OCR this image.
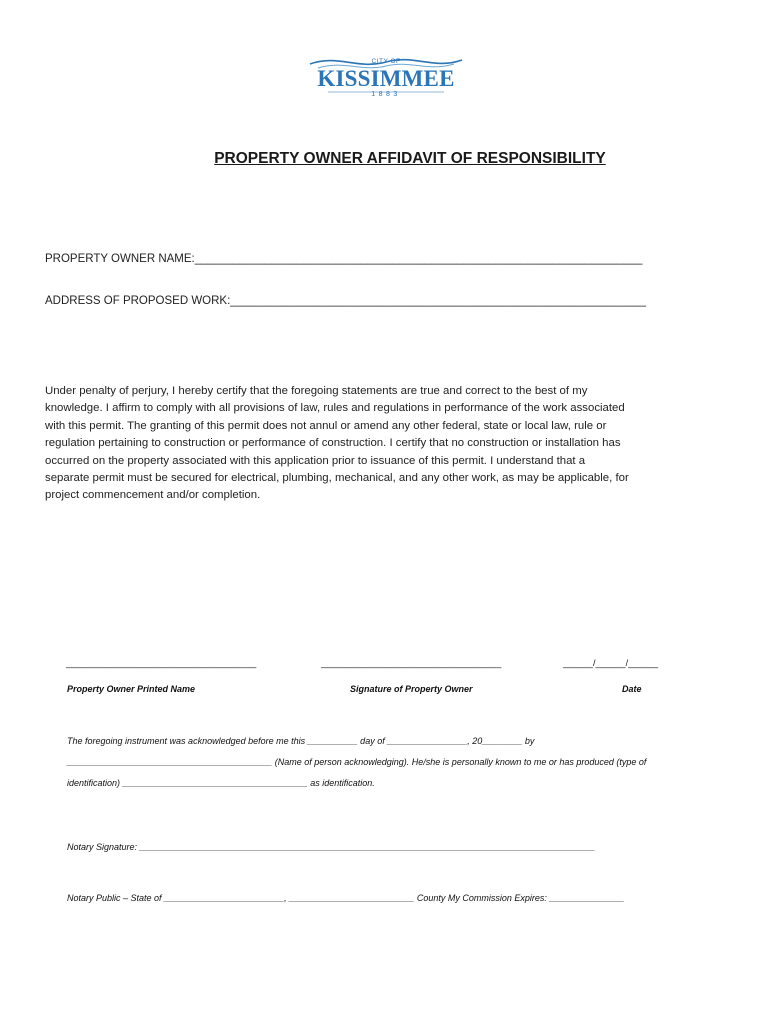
CITY OF
KISSIMMEE
1883
PROPERTY OWNER AFFIDAVIT OF RESPONSIBILITY
PROPERTY OWNER NAME:______________________________________________________________________
ADDRESS OF PROPOSED WORK:_________________________________________________________________
Under penalty of perjury, I hereby certify that the foregoing statements are true and correct to the best of my
knowledge. I affirm to comply with all provisions of law, rules and regulations in performance of the work associated
with this permit. The granting of this permit does not annul or amend any other federal, state or local law, rule or
regulation pertaining to construction or performance of construction. I certify that no construction or installation has
occurred on the property associated with this application prior to issuance of this permit. I understand that a
separate permit must be secured for electrical, plumbing, mechanical, and any other work, as may be applicable, for
project commencement and/or completion.
______________________________________	____________________________________	______/______/______
Property Owner Printed Name	Signature of Property Owner	Date
The foregoing instrument was acknowledged before me this __________ day of ________________, 20________ by
_________________________________________ (Name of person acknowledging). He/she is personally known to me or has produced (type of
identification) _____________________________________ as identification.
Notary Signature: ___________________________________________________________________________________________
Notary Public – State of ________________________, _________________________ County My Commission Expires: _______________
